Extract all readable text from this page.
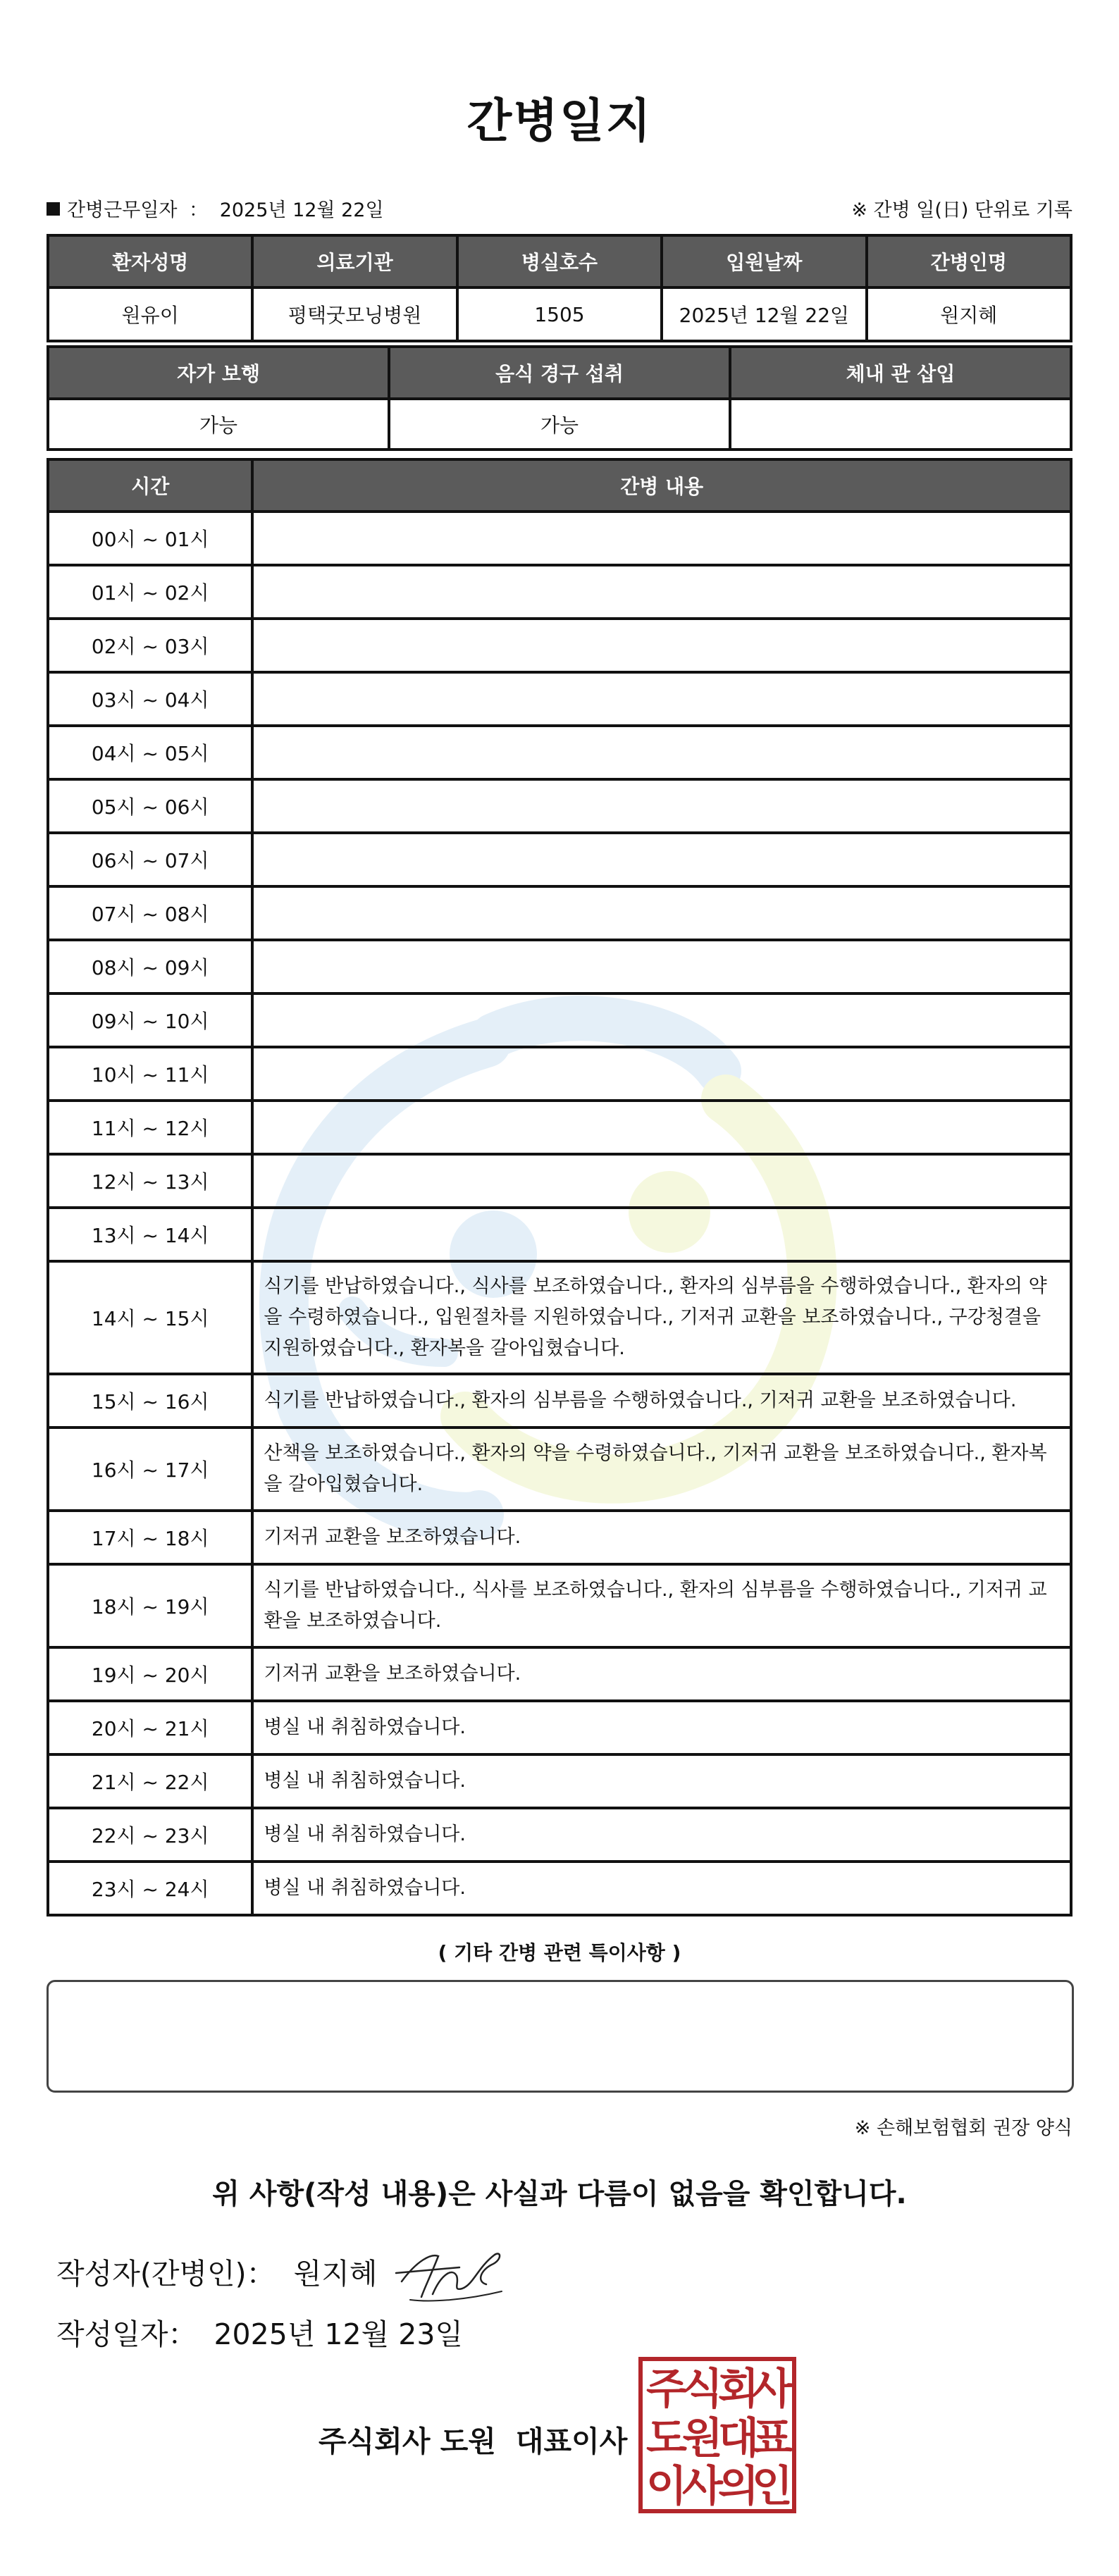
간병일지
간병근무일자 ： 2025년 12월 22일	※ 간병 일(日) 단위로 기록
환자성명	의료기관	병실호수	입원날짜	간병인명
원유이	평택굿모닝병원	1505	2025년 12월 22일	원지혜
자가 보행	음식 경구 섭취	체내 관 삽입
가능	가능	
시간	간병 내용
00시 ~ 01시	
01시 ~ 02시	
02시 ~ 03시	
03시 ~ 04시	
04시 ~ 05시	
05시 ~ 06시	
06시 ~ 07시	
07시 ~ 08시	
08시 ~ 09시	
09시 ~ 10시	
10시 ~ 11시	
11시 ~ 12시	
12시 ~ 13시	
13시 ~ 14시	
14시 ~ 15시	식기를 반납하였습니다., 식사를 보조하였습니다., 환자의 심부름을 수행하였습니다., 환자의 약을 수령하였습니다., 입원절차를 지원하였습니다., 기저귀 교환을 보조하였습니다., 구강청결을 지원하였습니다., 환자복을 갈아입혔습니다.
15시 ~ 16시	식기를 반납하였습니다., 환자의 심부름을 수행하였습니다., 기저귀 교환을 보조하였습니다.
16시 ~ 17시	산책을 보조하였습니다., 환자의 약을 수령하였습니다., 기저귀 교환을 보조하였습니다., 환자복을 갈아입혔습니다.
17시 ~ 18시	기저귀 교환을 보조하였습니다.
18시 ~ 19시	식기를 반납하였습니다., 식사를 보조하였습니다., 환자의 심부름을 수행하였습니다., 기저귀 교환을 보조하였습니다.
19시 ~ 20시	기저귀 교환을 보조하였습니다.
20시 ~ 21시	병실 내 취침하였습니다.
21시 ~ 22시	병실 내 취침하였습니다.
22시 ~ 23시	병실 내 취침하였습니다.
23시 ~ 24시	병실 내 취침하였습니다.
( 기타 간병 관련 특이사항 )
※ 손해보험협회 권장 양식
위 사항(작성 내용)은 사실과 다름이 없음을 확인합니다.
작성자(간병인)： 원지혜
작성일자： 2025년 12월 23일
주식회사 도원 대표이사
주
식
회
사
도
원
대
표
이
사
의
인
